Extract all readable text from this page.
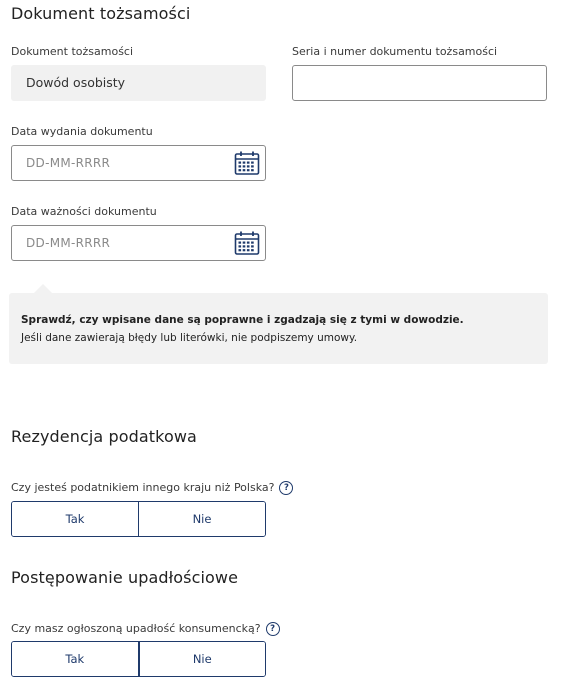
Dokument tożsamości
Dokument tożsamości
Dowód osobisty
Seria i numer dokumentu tożsamości
Data wydania dokumentu
DD-MM-RRRR
Data ważności dokumentu
DD-MM-RRRR
Sprawdź, czy wpisane dane są poprawne i zgadzają się z tymi w dowodzie.
Jeśli dane zawierają błędy lub literówki, nie podpiszemy umowy.
Rezydencja podatkowa
Czy jesteś podatnikiem innego kraju niż Polska? ?
Tak	Nie
Postępowanie upadłościowe
Czy masz ogłoszoną upadłość konsumencką? ?
Tak	Nie
